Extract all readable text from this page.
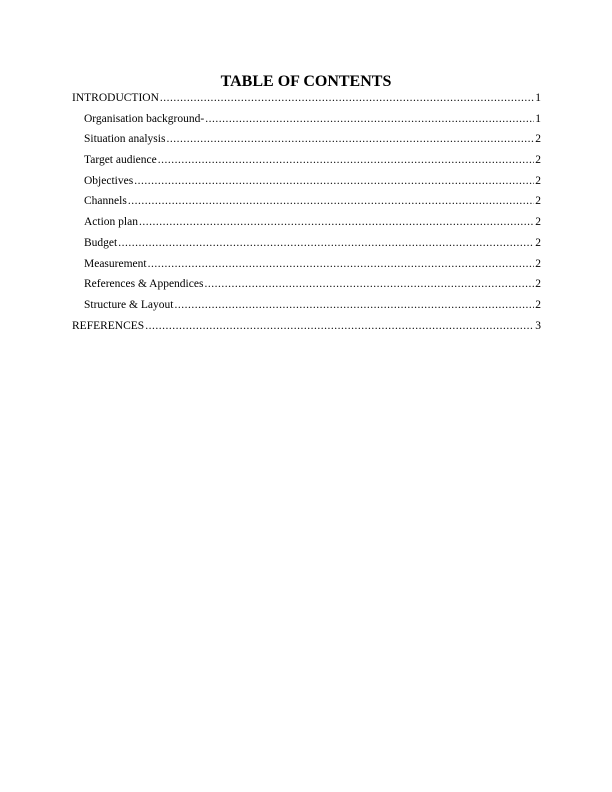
TABLE OF CONTENTS
INTRODUCTION .....	1
Organisation background- .....	1
Situation analysis .....	2
Target audience .....	2
Objectives .....	2
Channels .....	2
Action plan .....	2
Budget .....	2
Measurement .....	2
References & Appendices .....	2
Structure & Layout .....	2
REFERENCES .....	3
